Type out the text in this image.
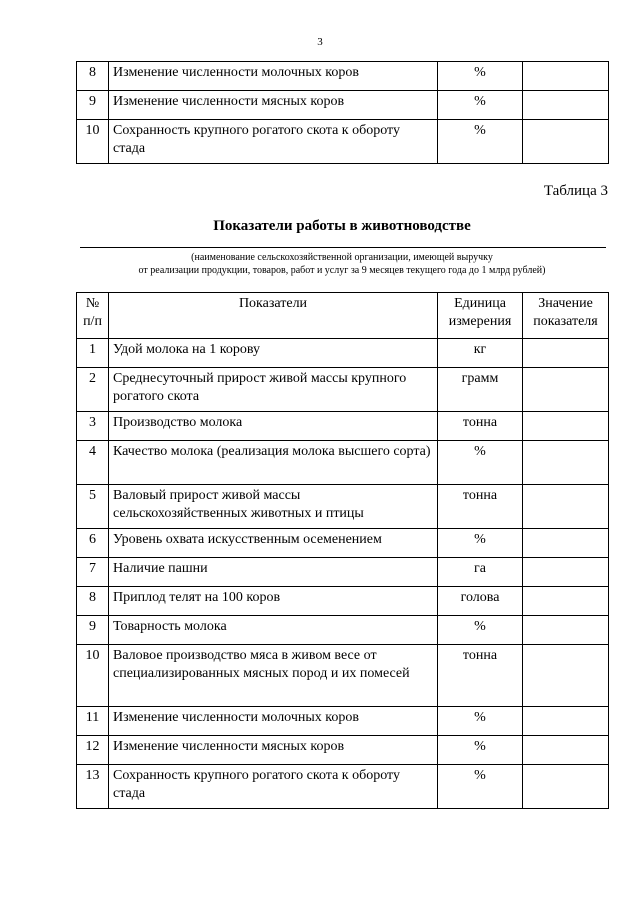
3
8	Изменение численности молочных коров	%	
9	Изменение численности мясных коров	%	
10	Сохранность крупного рогатого скота к обороту стада	%	
Таблица 3
Показатели работы в животноводстве
(наименование сельскохозяйственной организации, имеющей выручку
от реализации продукции, товаров, работ и услуг за 9 месяцев текущего года до 1 млрд рублей)
№ п/п	Показатели	Единица измерения	Значение показателя
1	Удой молока на 1 корову	кг	
2	Среднесуточный прирост живой массы крупного рогатого скота	грамм	
3	Производство молока	тонна	
4	Качество молока (реализация молока высшего сорта)	%	
5	Валовый прирост живой массы сельскохозяйственных животных и птицы	тонна	
6	Уровень охвата искусственным осеменением	%	
7	Наличие пашни	га	
8	Приплод телят на 100 коров	голова	
9	Товарность молока	%	
10	Валовое производство мяса в живом весе от специализированных мясных пород и их помесей	тонна	
11	Изменение численности молочных коров	%	
12	Изменение численности мясных коров	%	
13	Сохранность крупного рогатого скота к обороту стада	%	
